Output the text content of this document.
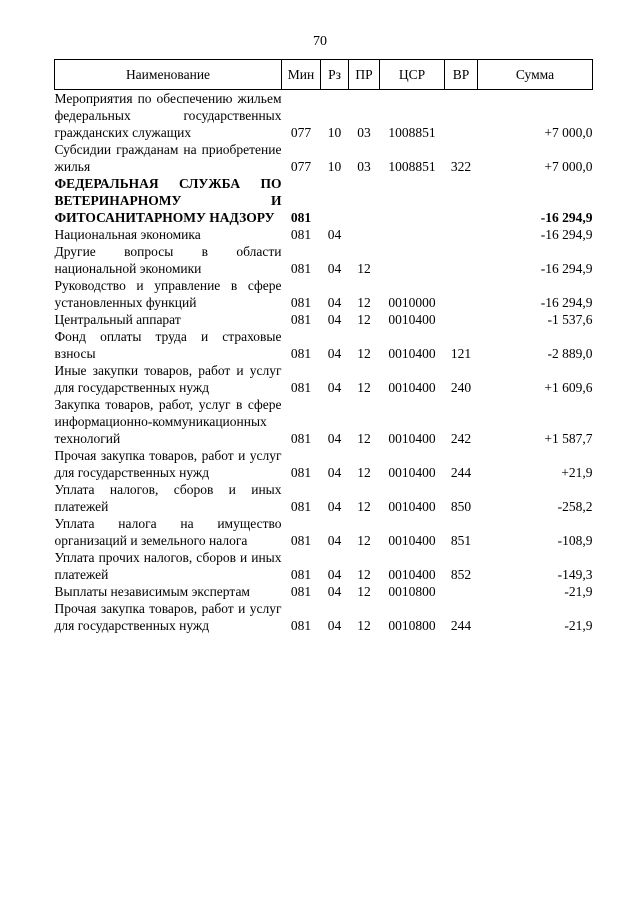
70
Наименование	Мин	Рз	ПР	ЦСР	ВР	Сумма
Мероприятия по обеспечению жильем федеральных государственных гражданских служащих	077	10	03	1008851		+7 000,0
Субсидии гражданам на приобретение жилья	077	10	03	1008851	322	+7 000,0
ФЕДЕРАЛЬНАЯ СЛУЖБА ПО ВЕТЕРИНАРНОМУ И ФИТОСАНИТАРНОМУ НАДЗОРУ	081					-16 294,9
Национальная экономика	081	04				-16 294,9
Другие вопросы в области национальной экономики	081	04	12			-16 294,9
Руководство и управление в сфере установленных функций	081	04	12	0010000		-16 294,9
Центральный аппарат	081	04	12	0010400		-1 537,6
Фонд оплаты труда и страховые взносы	081	04	12	0010400	121	-2 889,0
Иные закупки товаров, работ и услуг для государственных нужд	081	04	12	0010400	240	+1 609,6
Закупка товаров, работ, услуг в сфере информационно-коммуникационных технологий	081	04	12	0010400	242	+1 587,7
Прочая закупка товаров, работ и услуг для государственных нужд	081	04	12	0010400	244	+21,9
Уплата налогов, сборов и иных платежей	081	04	12	0010400	850	-258,2
Уплата налога на имущество организаций и земельного налога	081	04	12	0010400	851	-108,9
Уплата прочих налогов, сборов и иных платежей	081	04	12	0010400	852	-149,3
Выплаты независимым экспертам	081	04	12	0010800		-21,9
Прочая закупка товаров, работ и услуг для государственных нужд	081	04	12	0010800	244	-21,9
